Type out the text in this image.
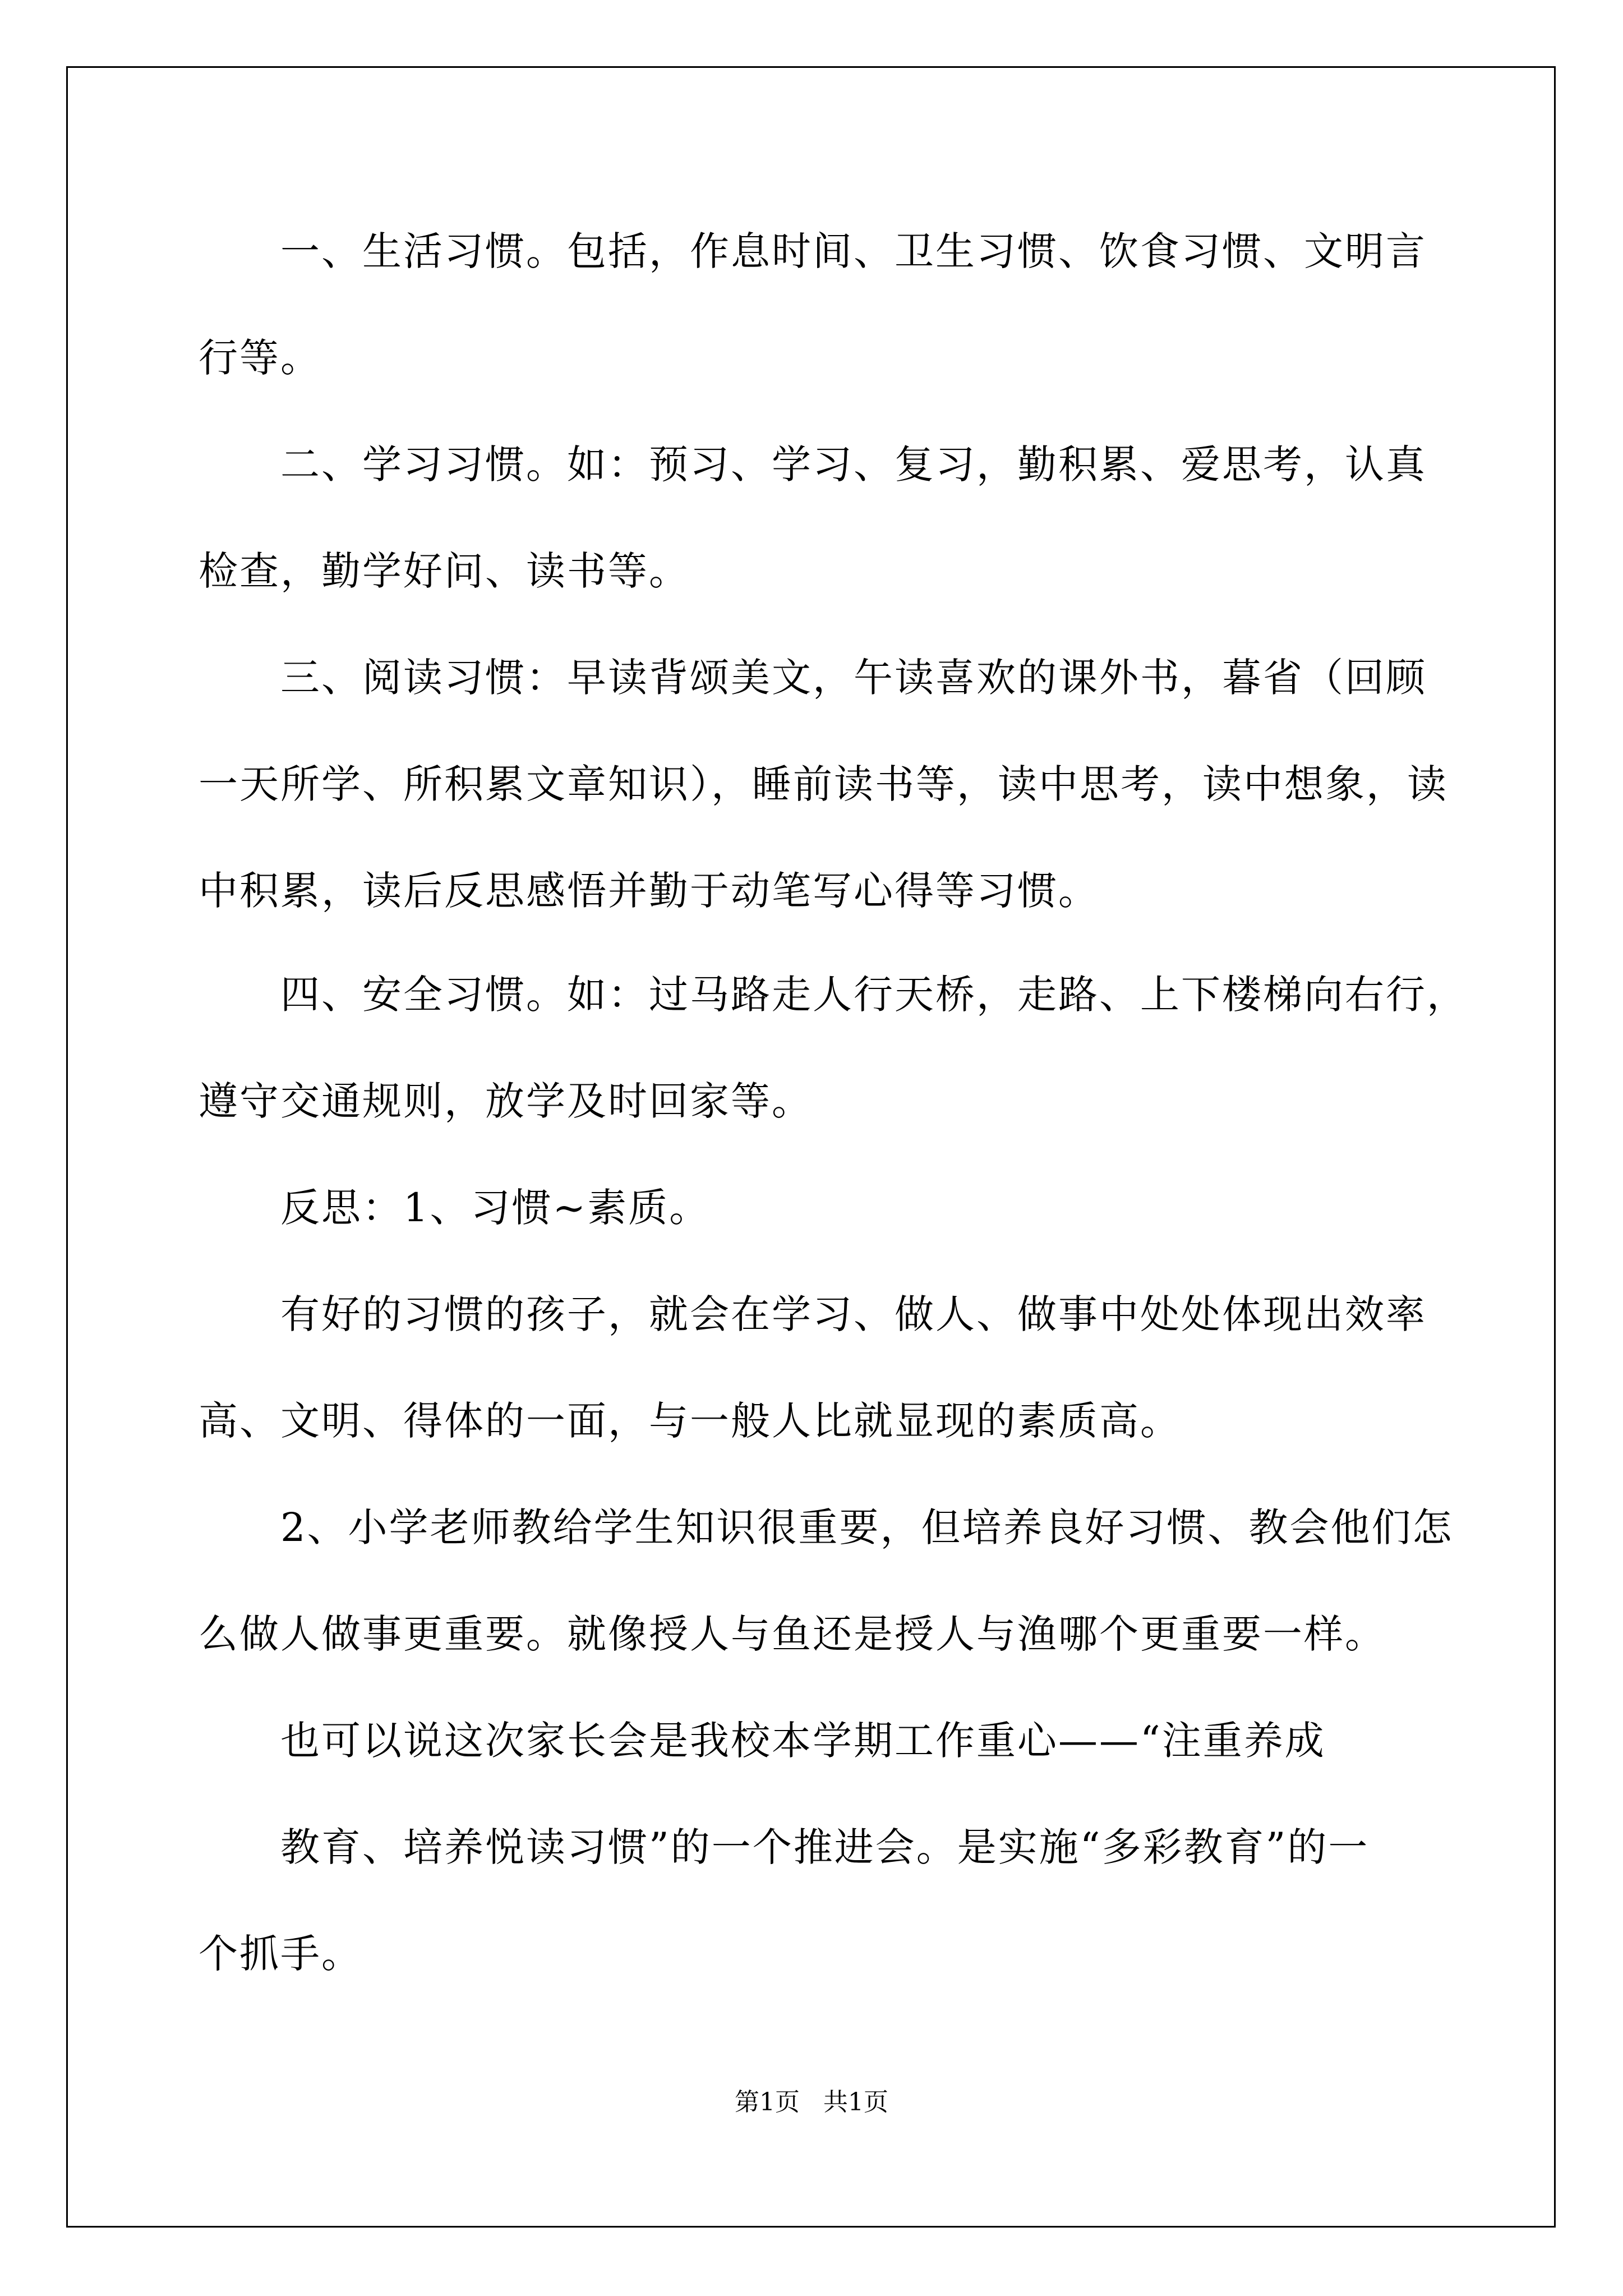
一、生活习惯。包括，作息时间、卫生习惯、饮食习惯、文明言
行等。
二、学习习惯。如：预习、学习、复习，勤积累、爱思考，认真
检查，勤学好问、读书等。
三、阅读习惯：早读背颂美文，午读喜欢的课外书，暮省（回顾
一天所学、所积累文章知识），睡前读书等，读中思考，读中想象，读
中积累，读后反思感悟并勤于动笔写心得等习惯。
四、安全习惯。如：过马路走人行天桥，走路、上下楼梯向右行，
遵守交通规则，放学及时回家等。
反思：1、习惯~素质。
有好的习惯的孩子，就会在学习、做人、做事中处处体现出效率
高、文明、得体的一面，与一般人比就显现的素质高。
2、小学老师教给学生知识很重要，但培养良好习惯、教会他们怎
么做人做事更重要。就像授人与鱼还是授人与渔哪个更重要一样。
也可以说这次家长会是我校本学期工作重心——“注重养成
教育、培养悦读习惯”的一个推进会。是实施“多彩教育”的一
个抓手。
第1页   共1页
